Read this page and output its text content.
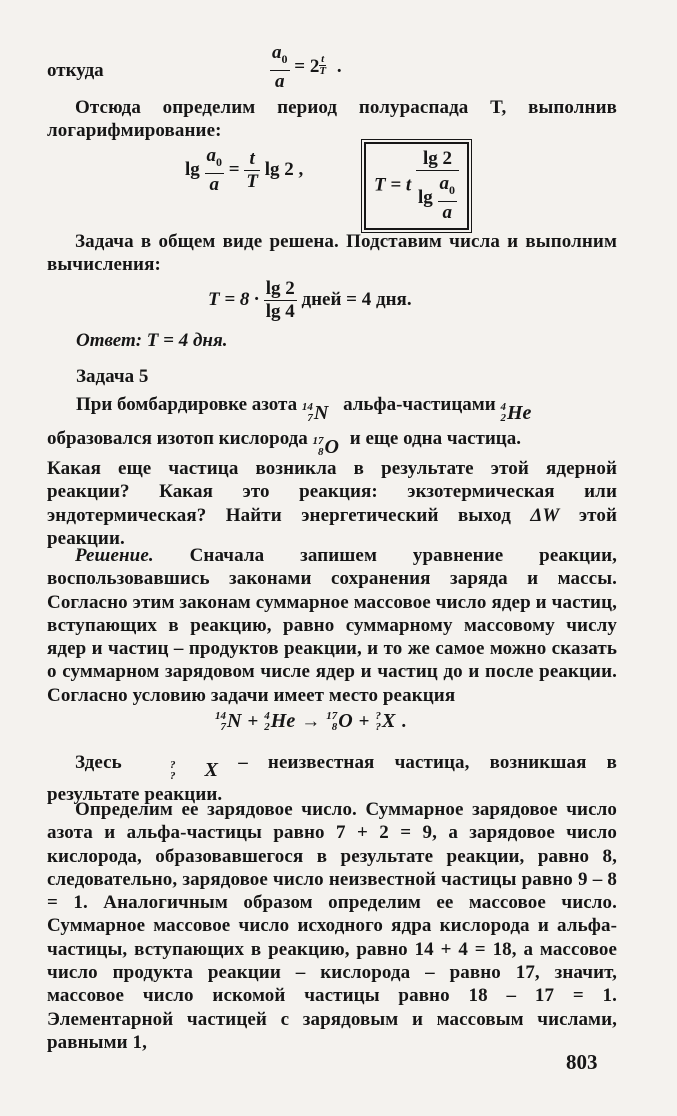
откуда	$\frac{a_0}{a} = 2 \frac{t}{T}$ .

Отсюда определим период полураспада T, выполнив логарифмирование:

$\lg \frac{a_0}{a} = \frac{t}{T}$ lg 2 ,
T = t $\frac{\lg 2}{\lg \frac{a_0}{a}}$

Задача в общем виде решена. Подставим числа и выполним вычисления:

$T = 8 \cdot \frac{\lg 2}{\lg 4}$ дней = 4 дня.
Ответ: T = 4 дня.
Задача 5
При бомбардировке азота 14
7 N альфа-частицами 4
2 He
образовался изотоп кислорода 17
8 O и еще одна частица.

Какая еще частица возникла в результате этой ядерной реакции? Какая это реакция: экзотермическая или эндотермическая? Найти энергетический выход ΔW этой реакции.

Решение. Сначала запишем уравнение реакции, воспользовавшись законами сохранения заряда и массы. Согласно этим законам суммарное массовое число ядер и частиц, вступающих в реакцию, равно суммарному массовому числу ядер и частиц – продуктов реакции, и то же самое можно сказать о суммарном зарядовом числе ядер и частиц до и после реакции. Согласно условию задачи имеет место реакция

14
7 N + 4
2 He → 17
8 O + ?
? X .

Здесь	?
?	X – неизвестная частица, возникшая в результате реакции.

Определим ее зарядовое число. Суммарное зарядовое число азота и альфа-частицы равно 7 + 2 = 9, а зарядовое число кислорода, образовавшегося в результате реакции, равно 8, следовательно, зарядовое число неизвестной частицы равно 9 – 8 = 1. Аналогичным образом определим ее массовое число. Суммарное массовое число исходного ядра кислорода и альфа-частицы, вступающих в реакцию, равно 14 + 4 = 18, а массовое число продукта реакции – кислорода – равно 17, значит, массовое число искомой частицы равно 18 – 17 = 1. Элементарной частицей с зарядовым и массовым числами, равными 1,

803
